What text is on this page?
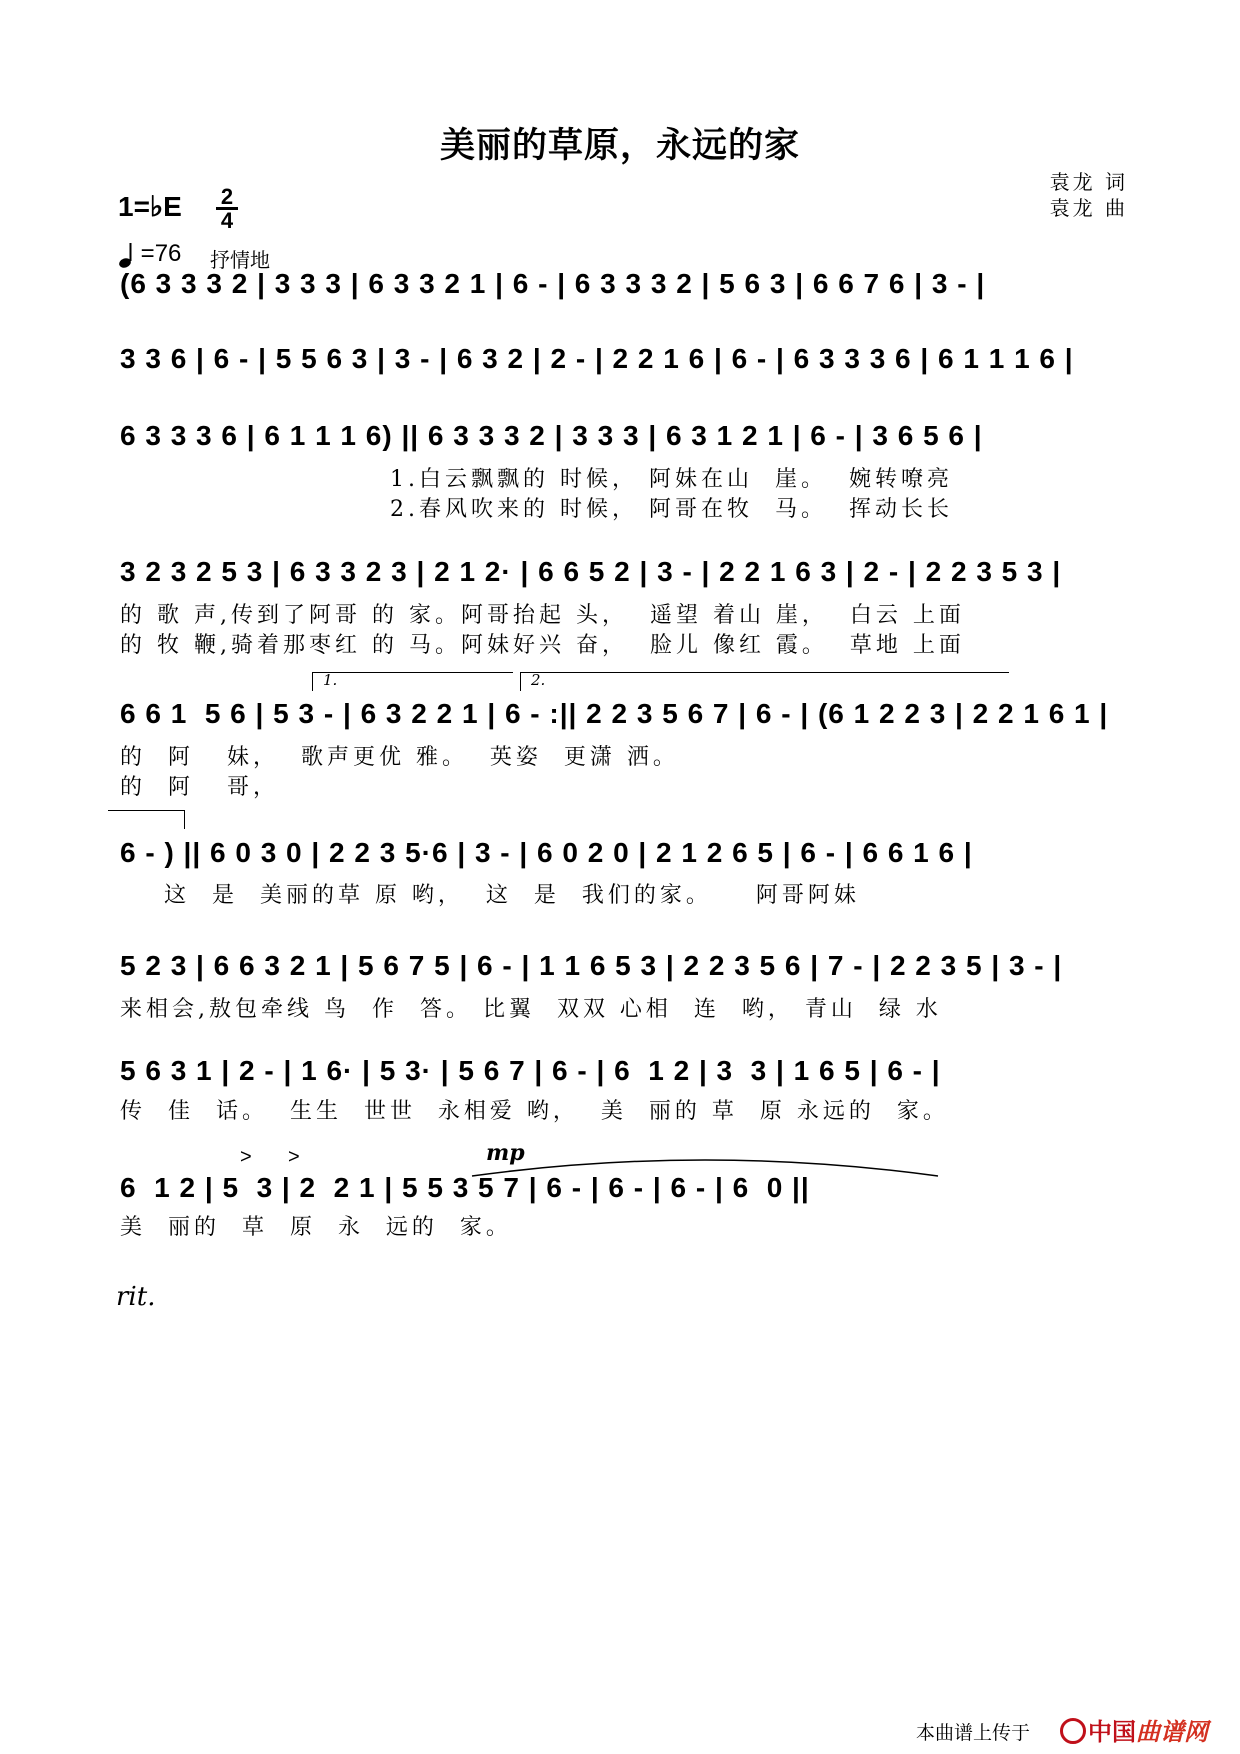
美丽的草原，永远的家
袁龙 词
袁龙 曲
1=♭E 2
4
=76 抒情地
(6 3 3 3 2 | 3 3 3 | 6 3 3 2 1 | 6 - | 6 3 3 3 2 | 5 6 3 | 6 6 7 6 | 3 - |
3 3 6 | 6 - | 5 5 6 3 | 3 - | 6 3 2 | 2 - | 2 2 1 6 | 6 - | 6 3 3 3 6 | 6 1 1 1 6 |
6 3 3 3 6 | 6 1 1 1 6) || 6 3 3 3 2 | 3 3 3 | 6 3 1 2 1 | 6 - | 3 6 5 6 |
1.白云飘飘的 时候， 阿妹在山  崖。  婉转嘹亮
2.春风吹来的 时候， 阿哥在牧  马。  挥动长长
3 2 3 2 5 3 | 6 3 3 2 3 | 2 1 2· | 6 6 5 2 | 3 - | 2 2 1 6 3 | 2 - | 2 2 3 5 3 |
的 歌 声,传到了阿哥 的 家。阿哥抬起 头，  遥望 着山 崖，  白云 上面
的 牧 鞭,骑着那枣红 的 马。阿妹好兴 奋，  脸儿 像红 霞。  草地 上面
1.	2.
6 6 1  5 6 | 5 3 - | 6 3 2 2 1 | 6 - :|| 2 2 3 5 6 7 | 6 - | (6 1 2 2 3 | 2 2 1 6 1 |
的  阿   妹，  歌声更优 雅。  英姿  更潇 洒。
的  阿   哥，
6 - ) || 6 0 3 0 | 2 2 3 5·6 | 3 - | 6 0 2 0 | 2 1 2 6 5 | 6 - | 6 6 1 6 |
这  是  美丽的草 原 哟，  这  是  我们的家。    阿哥阿妹
5 2 3 | 6 6 3 2 1 | 5 6 7 5 | 6 - | 1 1 6 5 3 | 2 2 3 5 6 | 7 - | 2 2 3 5 | 3 - |
来相会,敖包牵线 鸟  作  答。 比翼  双双 心相  连  哟， 青山  绿 水
5 6 3 1 | 2 - | 1 6· | 5 3· | 5 6 7 | 6 - | 6  1 2 | 3  3 | 1 6 5 | 6 - |
传  佳  话。  生生  世世  永相爱 哟，  美  丽的 草  原 永远的  家。
rit.
> >	mp
6  1 2 | 5  3 | 2  2 1 | 5 5 3 5 7 | 6 - | 6 - | 6 - | 6  0 ||
美  丽的  草  原  永  远的  家。
本曲谱上传于	中国曲谱网
